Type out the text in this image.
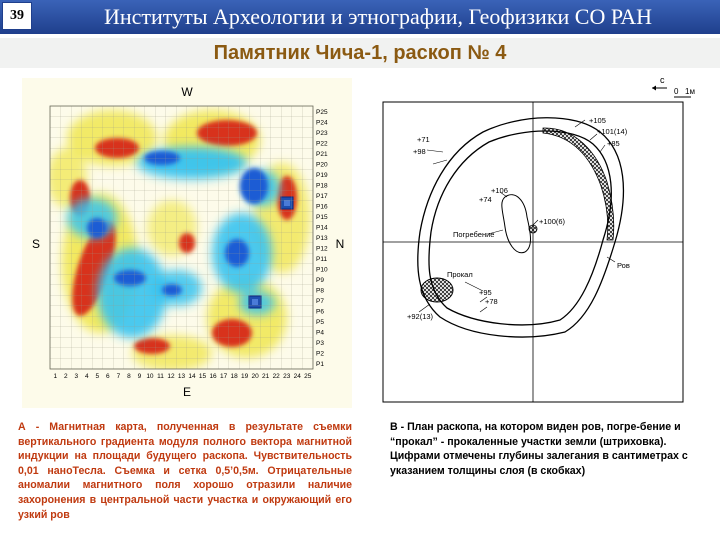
39	Институты Археологии и этнографии, Геофизики СО РАН
Памятник Чича-1, раскоп № 4
W
E
S	N
P25
P24
P23
P22
P21
P20
P19
P18
P17
P16
P15
P14
P13
P12
P11
P10
P9
P8
P7
P6
P5
P4
P3
P2
P1
1 2 3 4 5 6 7 8 9 10 11 12 13 14 15 16 17 18 19 20 21 22 23 24 25
с
0 1м
+105
+101(14)
+85
+71
+98
+106
+74
+100(6)
Погребение
Прокал
Ров
+95
+78
+92(13)
А - Магнитная карта, полученная в результате съемки вертикального градиента модуля полного вектора магнитной индукции на площади будущего раскопа. Чувствительность 0,01 наноТесла. Съемка и сетка 0,5’0,5м. Отрицательные аномалии магнитного поля хорошо отразили наличие захоронения в центральной части участка и окружающий его узкий ров
В - План раскопа, на котором виден ров, погре-бение и “прокал” - прокаленные участки земли (штриховка). Цифрами отмечены глубины залегания в сантиметрах с указанием толщины слоя (в скобках)
